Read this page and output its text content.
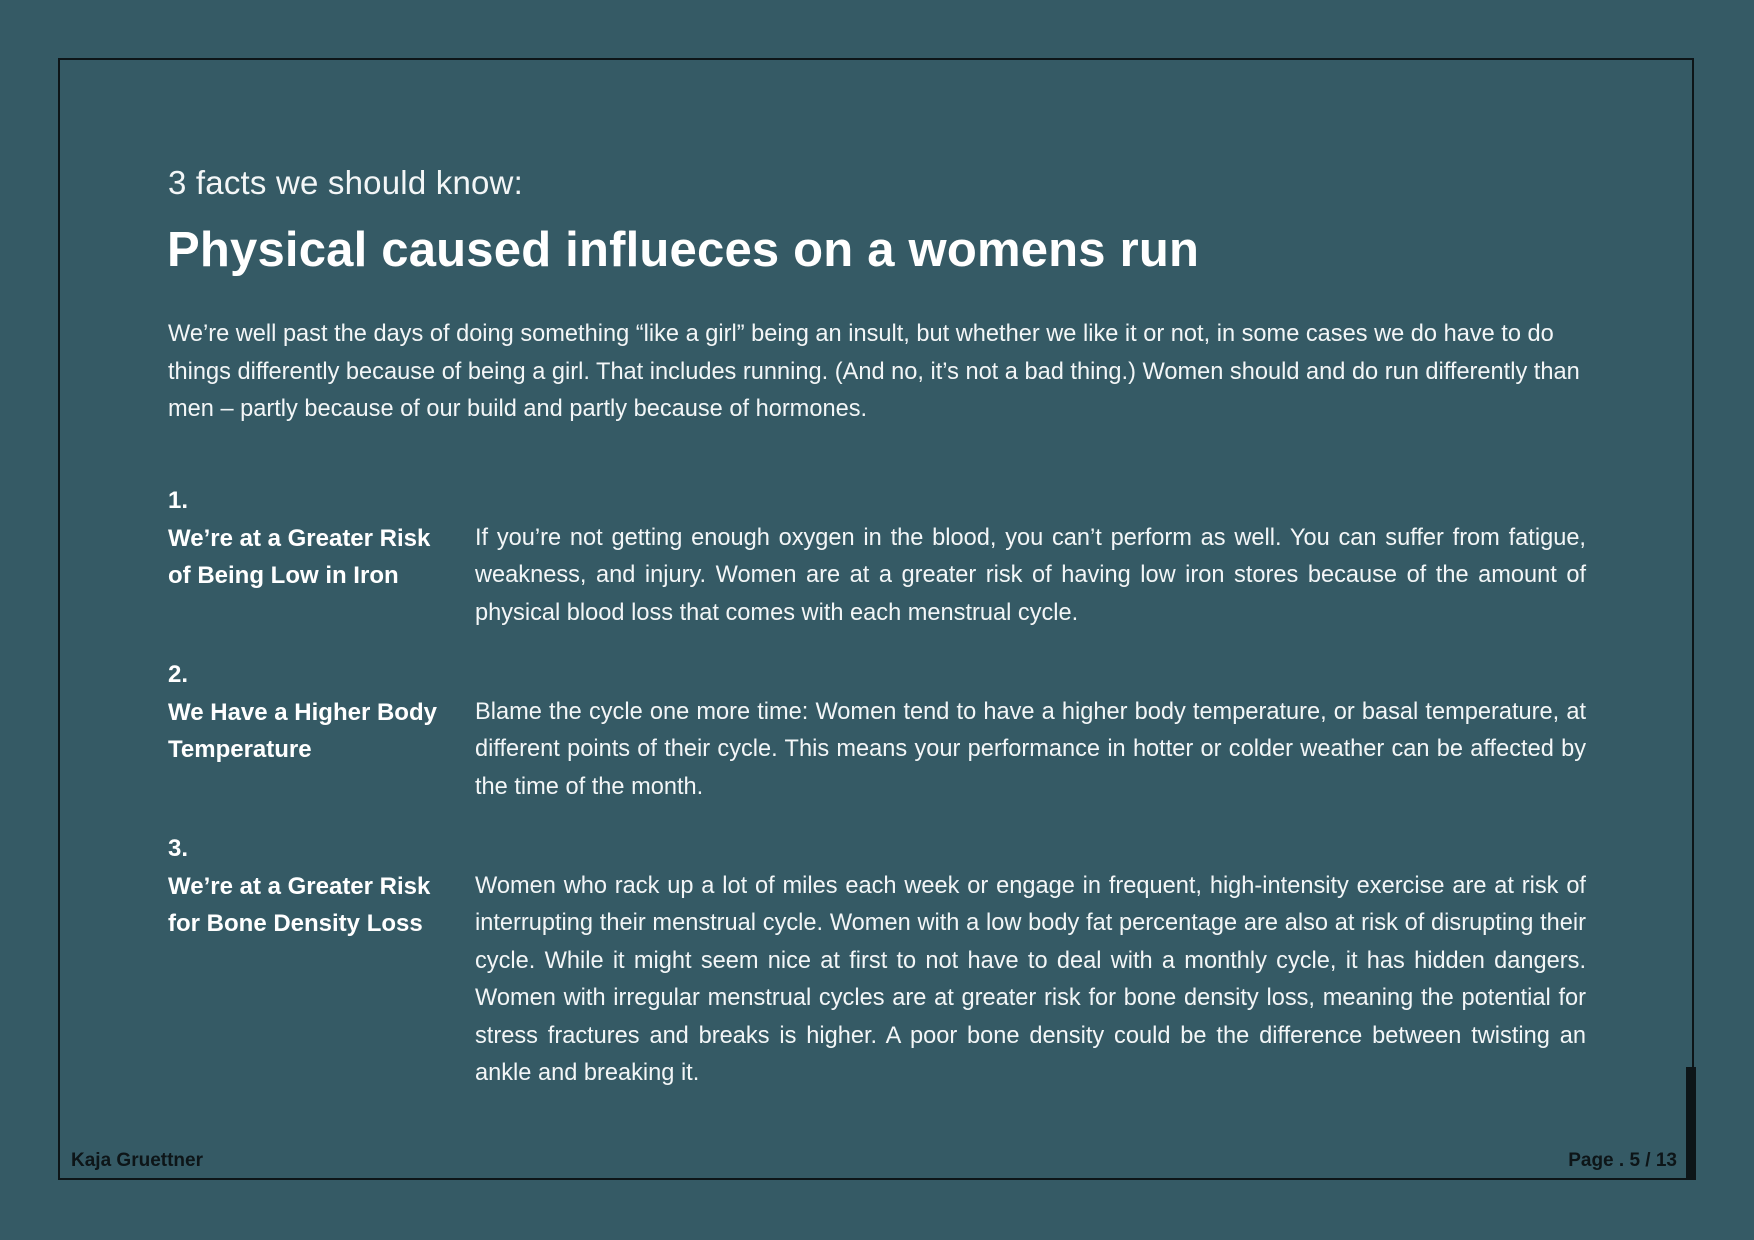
3 facts we should know:
Physical caused influeces on a womens run
We’re well past the days of doing something “like a girl” being an insult, but whether we like it or not, in some cases we do have to do things differently because of being a girl. That includes running. (And no, it’s not a bad thing.) Women should and do run differently than men – partly because of our build and partly because of hormones.
1.
We’re at a Greater Risk of Being Low in Iron
If you’re not getting enough oxygen in the blood, you can’t perform as well. You can suffer from fatigue, weakness, and injury. Women are at a greater risk of having low iron stores because of the amount of physical blood loss that comes with each menstrual cycle.
2.
We Have a Higher Body Temperature
Blame the cycle one more time: Women tend to have a higher body temperature, or basal temperature, at different points of their cycle. This means your performance in hotter or colder weather can be affected by the time of the month.
3.
We’re at a Greater Risk for Bone Density Loss
Women who rack up a lot of miles each week or engage in frequent, high-intensity exercise are at risk of interrupting their menstrual cycle. Women with a low body fat percentage are also at risk of disrupting their cycle. While it might seem nice at first to not have to deal with a monthly cycle, it has hidden dangers. Women with irregular menstrual cycles are at greater risk for bone density loss, meaning the potential for stress fractures and breaks is higher. A poor bone density could be the difference between twisting an ankle and breaking it.
Kaja Gruettner	Page . 5 / 13
